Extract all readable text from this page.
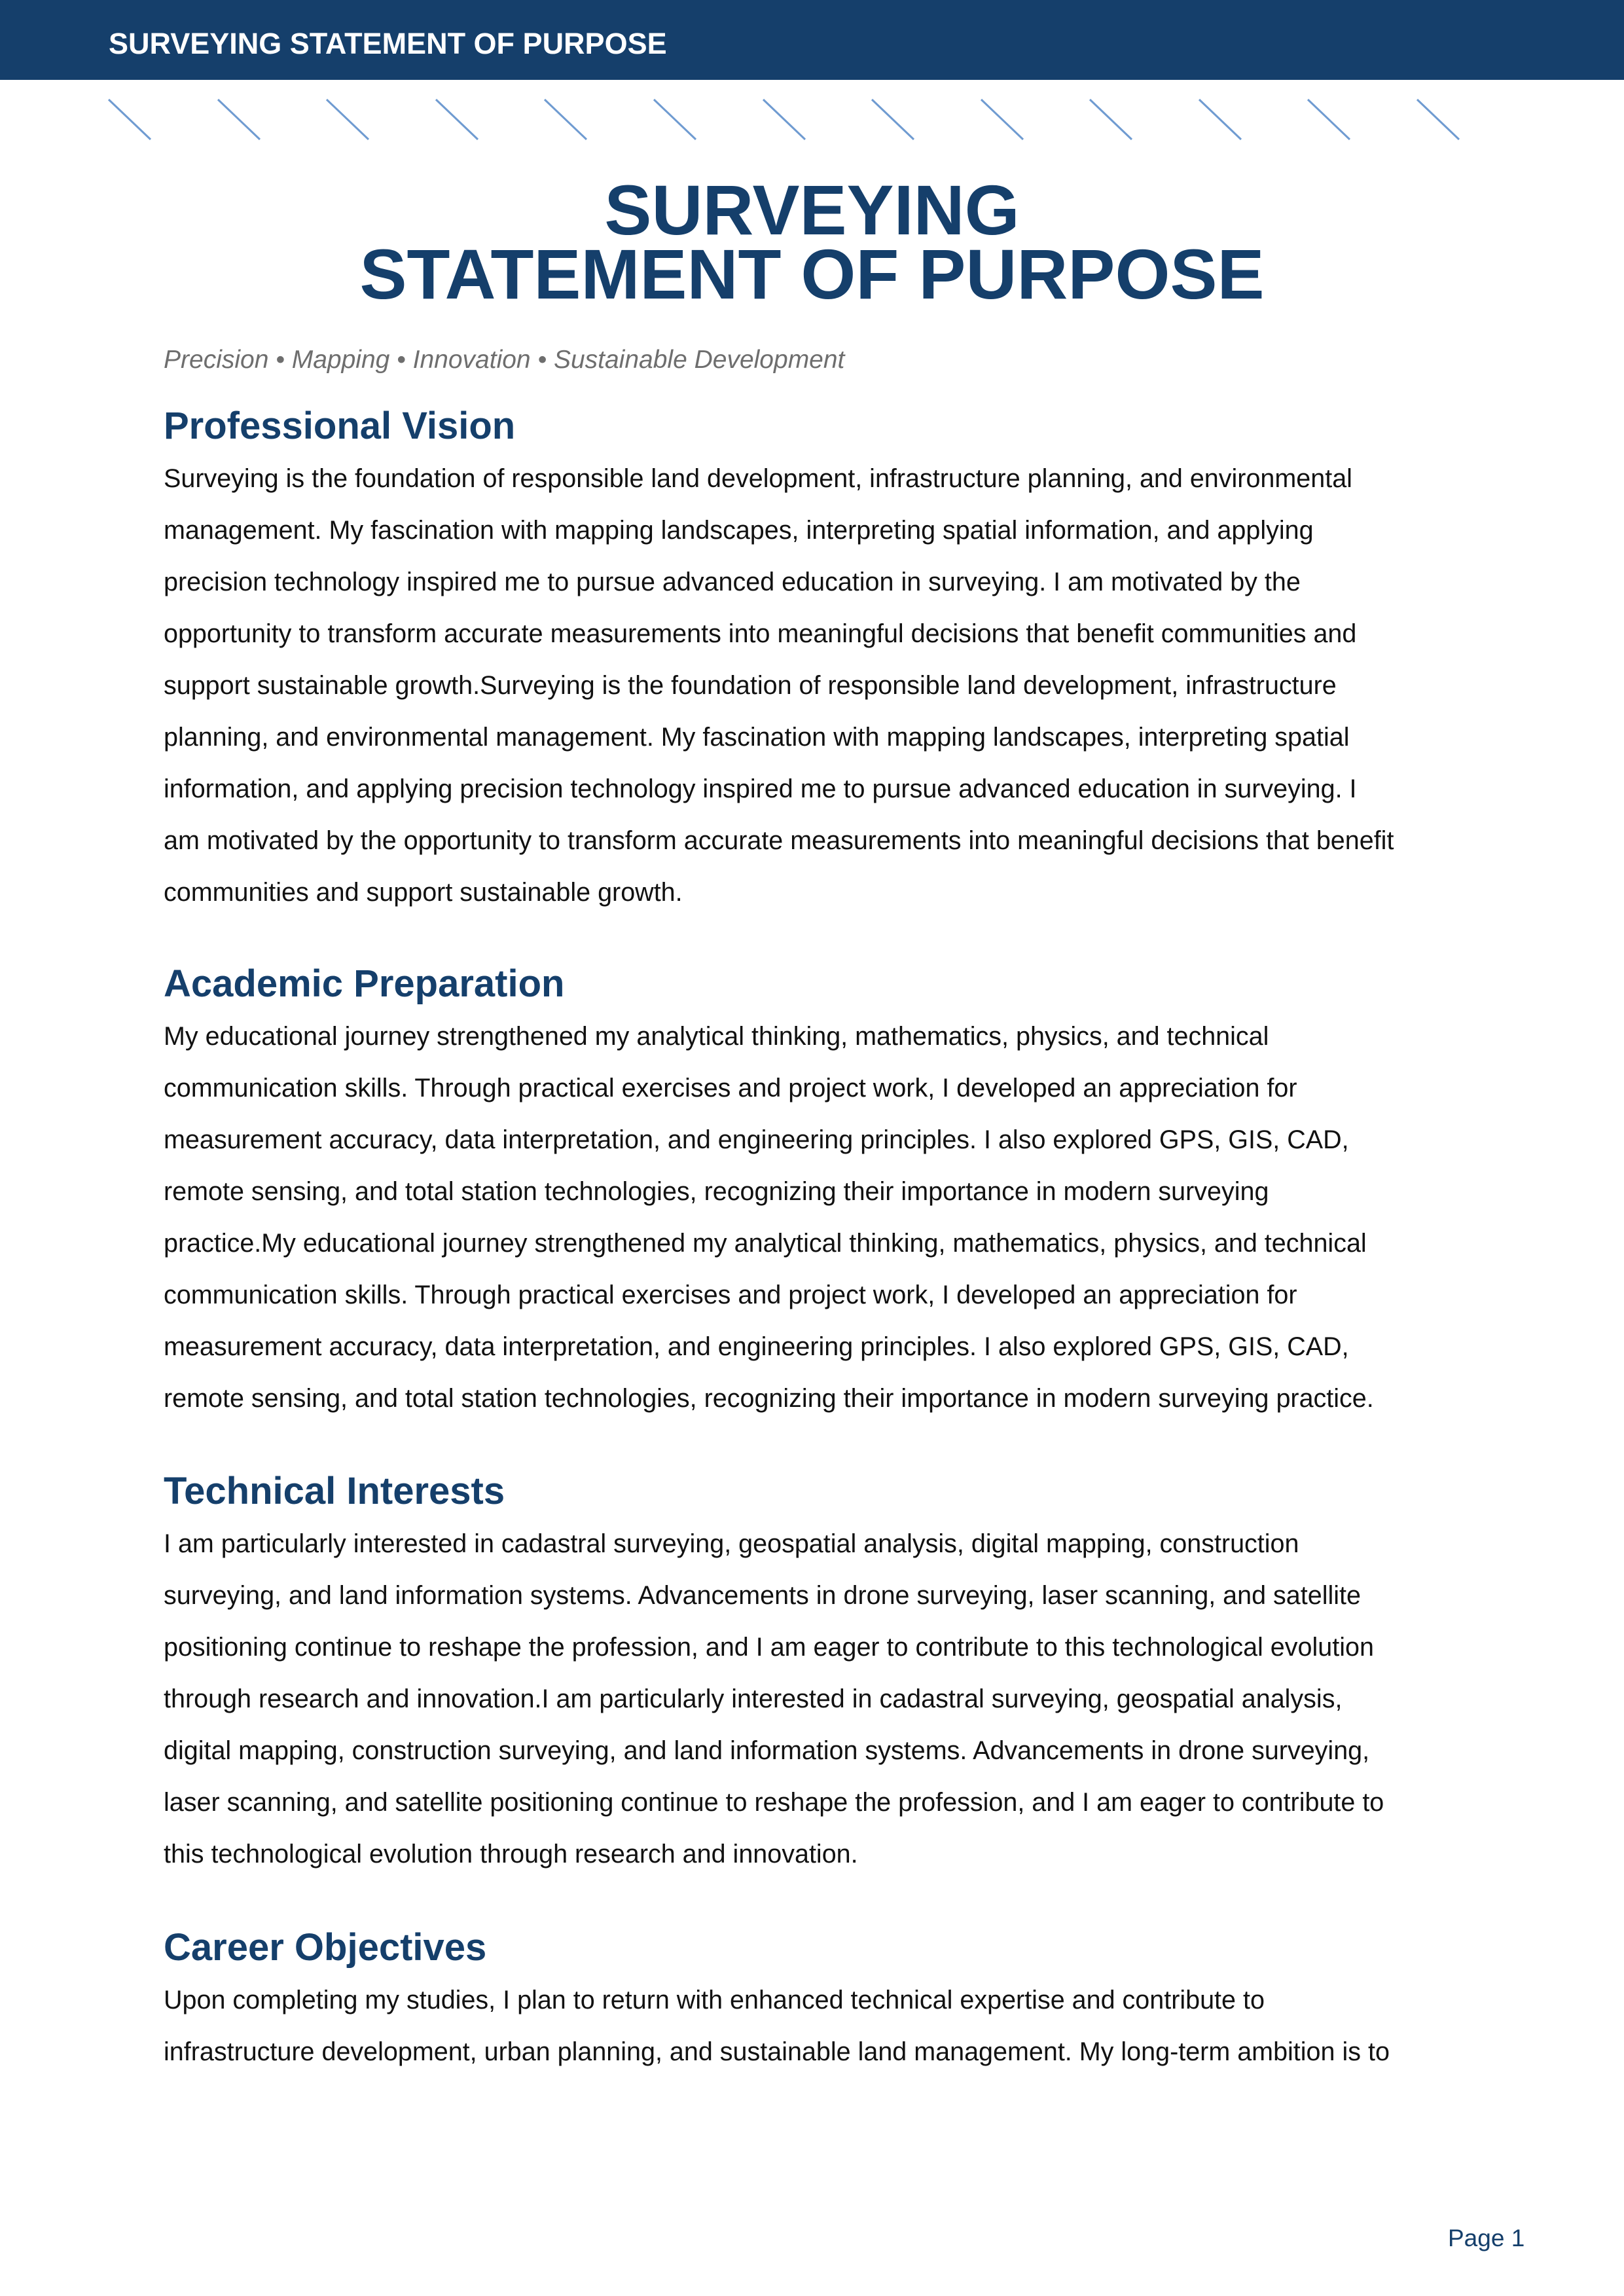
SURVEYING STATEMENT OF PURPOSE
SURVEYING
STATEMENT OF PURPOSE
Precision • Mapping • Innovation • Sustainable Development
Professional Vision

Surveying is the foundation of responsible land development, infrastructure planning, and environmental
management. My fascination with mapping landscapes, interpreting spatial information, and applying
precision technology inspired me to pursue advanced education in surveying. I am motivated by the
opportunity to transform accurate measurements into meaningful decisions that benefit communities and
support sustainable growth.Surveying is the foundation of responsible land development, infrastructure
planning, and environmental management. My fascination with mapping landscapes, interpreting spatial
information, and applying precision technology inspired me to pursue advanced education in surveying. I
am motivated by the opportunity to transform accurate measurements into meaningful decisions that benefit
communities and support sustainable growth.

Academic Preparation

My educational journey strengthened my analytical thinking, mathematics, physics, and technical
communication skills. Through practical exercises and project work, I developed an appreciation for
measurement accuracy, data interpretation, and engineering principles. I also explored GPS, GIS, CAD,
remote sensing, and total station technologies, recognizing their importance in modern surveying
practice.My educational journey strengthened my analytical thinking, mathematics, physics, and technical
communication skills. Through practical exercises and project work, I developed an appreciation for
measurement accuracy, data interpretation, and engineering principles. I also explored GPS, GIS, CAD,
remote sensing, and total station technologies, recognizing their importance in modern surveying practice.

Technical Interests

I am particularly interested in cadastral surveying, geospatial analysis, digital mapping, construction
surveying, and land information systems. Advancements in drone surveying, laser scanning, and satellite
positioning continue to reshape the profession, and I am eager to contribute to this technological evolution
through research and innovation.I am particularly interested in cadastral surveying, geospatial analysis,
digital mapping, construction surveying, and land information systems. Advancements in drone surveying,
laser scanning, and satellite positioning continue to reshape the profession, and I am eager to contribute to
this technological evolution through research and innovation.

Career Objectives

Upon completing my studies, I plan to return with enhanced technical expertise and contribute to
infrastructure development, urban planning, and sustainable land management. My long-term ambition is to

Page 1
